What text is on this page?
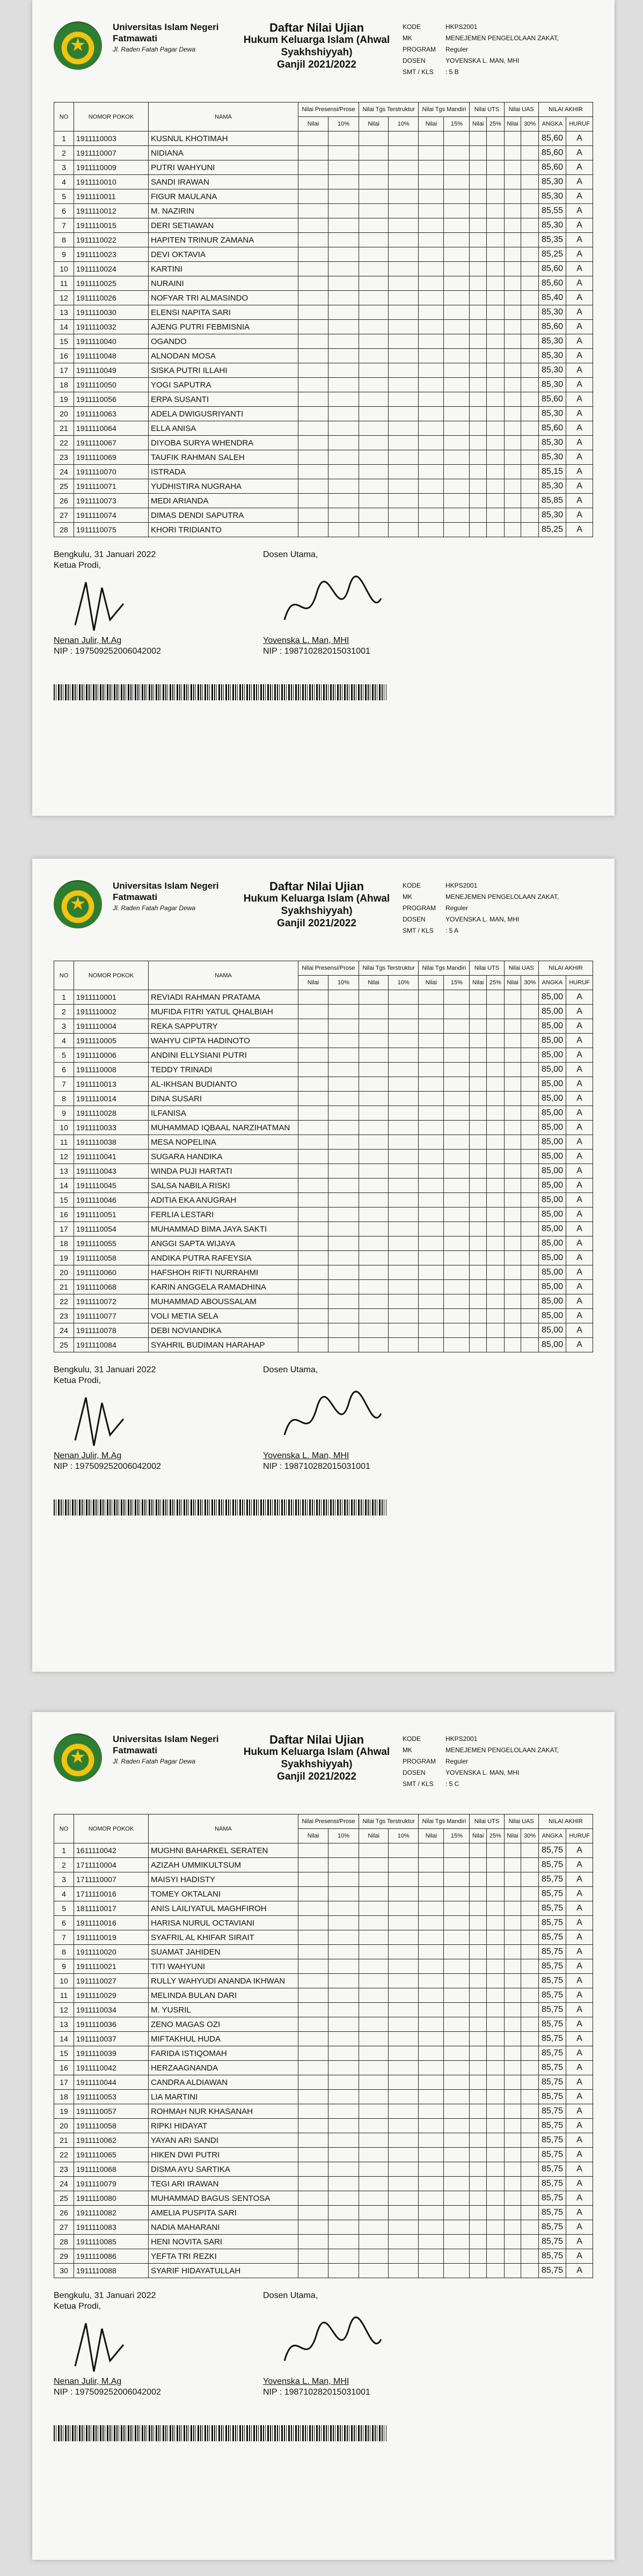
★
Universitas Islam Negeri
Fatmawati
Jl. Raden Fatah Pagar Dewa
Daftar Nilai Ujian
Hukum Keluarga Islam (Ahwal Syakhshiyyah)
Ganjil 2021/2022
KODE	HKPS2001
MK	MENEJEMEN PENGELOLAAN ZAKAT,
PROGRAM Reguler
DOSEN	YOVENSKA L. MAN, MHI
SMT / KLS : 5 B
NO	NOMOR POKOK	NAMA	Nilai Presensi/Prose		Nilai Tgs Terstruktur		Nilai Tgs Mandiri		Nilai UTS		Nilai UAS		NILAI AKHIR	
			Nilai	10%	Nilai	10%	Nilai	15%	Nilai	25%	Nilai	30%	ANGKA	HURUF
1	1911110003	KUSNUL KHOTIMAH											85,60	A
2	1911110007	NIDIANA											85,60	A
3	1911110009	PUTRI WAHYUNI											85,60	A
4	1911110010	SANDI IRAWAN											85,30	A
5	1911110011	FIGUR MAULANA											85,30	A
6	1911110012	M. NAZIRIN											85,55	A
7	1911110015	DERI SETIAWAN											85,30	A
8	1911110022	HAPITEN TRINUR ZAMANA											85,35	A
9	1911110023	DEVI OKTAVIA											85,25	A
10	1911110024	KARTINI											85,60	A
11	1911110025	NURAINI											85,60	A
12	1911110026	NOFYAR TRI ALMASINDO											85,40	A
13	1911110030	ELENSI NAPITA SARI											85,30	A
14	1911110032	AJENG PUTRI FEBMISNIA											85,60	A
15	1911110040	OGANDO											85,30	A
16	1911110048	ALNODAN MOSA											85,30	A
17	1911110049	SISKA PUTRI ILLAHI											85,30	A
18	1911110050	YOGI SAPUTRA											85,30	A
19	1911110056	ERPA SUSANTI											85,60	A
20	1911110063	ADELA DWIGUSRIYANTI											85,30	A
21	1911110064	ELLA ANISA											85,60	A
22	1911110067	DIYOBA SURYA WHENDRA											85,30	A
23	1911110069	TAUFIK RAHMAN SALEH											85,30	A
24	1911110070	ISTRADA											85,15	A
25	1911110071	YUDHISTIRA NUGRAHA											85,30	A
26	1911110073	MEDI ARIANDA											85,85	A
27	1911110074	DIMAS DENDI SAPUTRA											85,30	A
28	1911110075	KHORI TRIDIANTO											85,25	A
Bengkulu, 31 Januari 2022
Ketua Prodi,
Dosen Utama,
Nenan Julir, M.Ag
NIP : 197509252006042002
Yovenska L. Man, MHI
NIP : 198710282015031001
★
Universitas Islam Negeri
Fatmawati
Jl. Raden Fatah Pagar Dewa
Daftar Nilai Ujian
Hukum Keluarga Islam (Ahwal Syakhshiyyah)
Ganjil 2021/2022
KODE	HKPS2001
MK	MENEJEMEN PENGELOLAAN ZAKAT,
PROGRAM Reguler
DOSEN	YOVENSKA L. MAN, MHI
SMT / KLS : 5 A
NO	NOMOR POKOK	NAMA	Nilai Presensi/Prose		Nilai Tgs Terstruktur		Nilai Tgs Mandiri		Nilai UTS		Nilai UAS		NILAI AKHIR	
			Nilai	10%	Nilai	10%	Nilai	15%	Nilai	25%	Nilai	30%	ANGKA	HURUF
1	1911110001	REVIADI RAHMAN PRATAMA											85,00	A
2	1911110002	MUFIDA FITRI YATUL QHALBIAH											85,00	A
3	1911110004	REKA SAPPUTRY											85,00	A
4	1911110005	WAHYU CIPTA HADINOTO											85,00	A
5	1911110006	ANDINI ELLYSIANI PUTRI											85,00	A
6	1911110008	TEDDY TRINADI											85,00	A
7	1911110013	AL-IKHSAN BUDIANTO											85,00	A
8	1911110014	DINA SUSARI											85,00	A
9	1911110028	ILFANISA											85,00	A
10	1911110033	MUHAMMAD IQBAAL NARZIHATMAN											85,00	A
11	1911110038	MESA NOPELINA											85,00	A
12	1911110041	SUGARA HANDIKA											85,00	A
13	1911110043	WINDA PUJI HARTATI											85,00	A
14	1911110045	SALSA NABILA RISKI											85,00	A
15	1911110046	ADITIA EKA ANUGRAH											85,00	A
16	1911110051	FERLIA LESTARI											85,00	A
17	1911110054	MUHAMMAD BIMA JAYA SAKTI											85,00	A
18	1911110055	ANGGI SAPTA WIJAYA											85,00	A
19	1911110058	ANDIKA PUTRA RAFEYSIA											85,00	A
20	1911110060	HAFSHOH RIFTI NURRAHMI											85,00	A
21	1911110068	KARIN ANGGELA RAMADHINA											85,00	A
22	1911110072	MUHAMMAD ABOUSSALAM											85,00	A
23	1911110077	VOLI METIA SELA											85,00	A
24	1911110078	DEBI NOVIANDIKA											85,00	A
25	1911110084	SYAHRIL BUDIMAN HARAHAP											85,00	A
Bengkulu, 31 Januari 2022
Ketua Prodi,
Dosen Utama,
Nenan Julir, M.Ag
NIP : 197509252006042002
Yovenska L. Man, MHI
NIP : 198710282015031001
★
Universitas Islam Negeri
Fatmawati
Jl. Raden Fatah Pagar Dewa
Daftar Nilai Ujian
Hukum Keluarga Islam (Ahwal Syakhshiyyah)
Ganjil 2021/2022
KODE	HKPS2001
MK	MENEJEMEN PENGELOLAAN ZAKAT,
PROGRAM Reguler
DOSEN	YOVENSKA L. MAN, MHI
SMT / KLS : 5 C
NO	NOMOR POKOK	NAMA	Nilai Presensi/Prose		Nilai Tgs Terstruktur		Nilai Tgs Mandiri		Nilai UTS		Nilai UAS		NILAI AKHIR	
			Nilai	10%	Nilai	10%	Nilai	15%	Nilai	25%	Nilai	30%	ANGKA	HURUF
1	1611110042	MUGHNI BAHARKEL SERATEN											85,75	A
2	1711110004	AZIZAH UMMIKULTSUM											85,75	A
3	1711110007	MAISYI HADISTY											85,75	A
4	1711110016	TOMEY OKTALANI											85,75	A
5	1811110017	ANIS LAILIYATUL MAGHFIROH											85,75	A
6	1911110016	HARISA NURUL OCTAVIANI											85,75	A
7	1911110019	SYAFRIL AL KHIFAR SIRAIT											85,75	A
8	1911110020	SUAMAT JAHIDEN											85,75	A
9	1911110021	TITI WAHYUNI											85,75	A
10	1911110027	RULLY WAHYUDI ANANDA IKHWAN											85,75	A
11	1911110029	MELINDA BULAN DARI											85,75	A
12	1911110034	M. YUSRIL											85,75	A
13	1911110036	ZENO MAGAS OZI											85,75	A
14	1911110037	MIFTAKHUL HUDA											85,75	A
15	1911110039	FARIDA ISTIQOMAH											85,75	A
16	1911110042	HERZAAGNANDA											85,75	A
17	1911110044	CANDRA ALDIAWAN											85,75	A
18	1911110053	LIA MARTINI											85,75	A
19	1911110057	ROHMAH NUR KHASANAH											85,75	A
20	1911110058	RIPKI HIDAYAT											85,75	A
21	1911110062	YAYAN ARI SANDI											85,75	A
22	1911110065	HIKEN DWI PUTRI											85,75	A
23	1911110068	DISMA AYU SARTIKA											85,75	A
24	1911110079	TEGI ARI IRAWAN											85,75	A
25	1911110080	MUHAMMAD BAGUS SENTOSA											85,75	A
26	1911110082	AMELIA PUSPITA SARI											85,75	A
27	1911110083	NADIA MAHARANI											85,75	A
28	1911110085	HENI NOVITA SARI											85,75	A
29	1911110086	YEFTA TRI REZKI											85,75	A
30	1911110088	SYARIF HIDAYATULLAH											85,75	A
Bengkulu, 31 Januari 2022
Ketua Prodi,
Dosen Utama,
Nenan Julir, M.Ag
NIP : 197509252006042002
Yovenska L. Man, MHI
NIP : 198710282015031001
